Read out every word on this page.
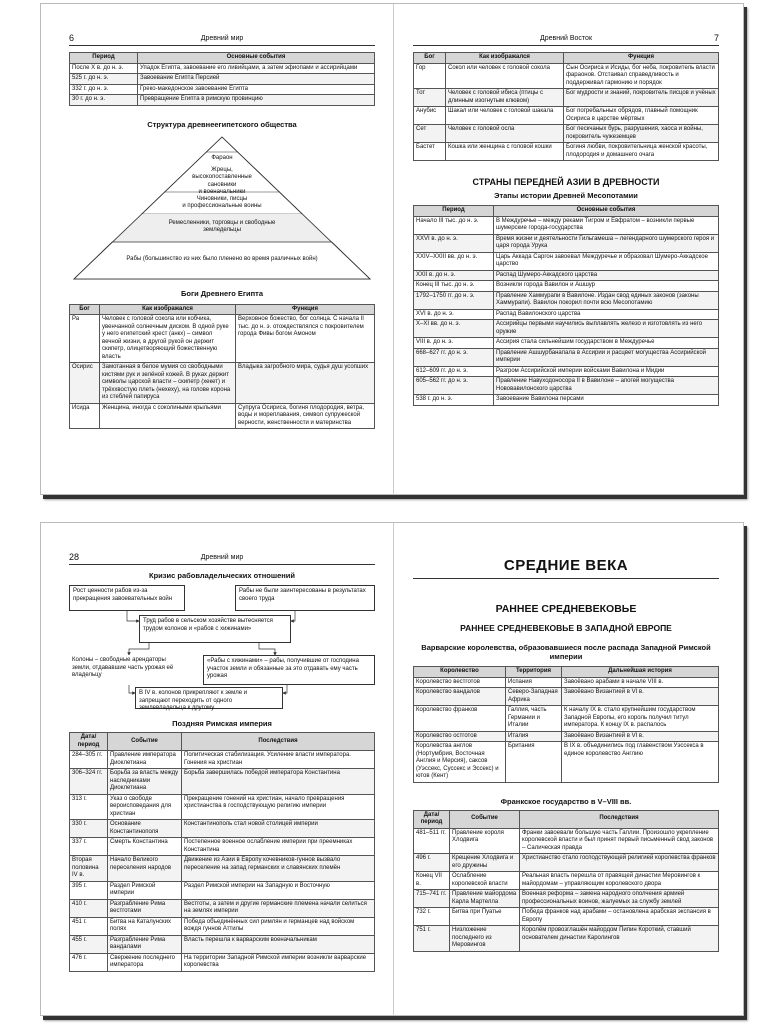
6	Древний мир
Период	Основные события
После X в. до н. э.	Упадок Египта, завоевание его ливийцами, а затем эфиопами и ассирийцами
525 г. до н. э.	Завоевание Египта Персией
332 г. до н. э.	Греко-македонское завоевание Египта
30 г. до н. э.	Превращение Египта в римскую провинцию
Структура древнеегипетского общества
Фараон
Жрецы,
высокопоставленные
сановники
и военачальники
Чиновники, писцы
и профессиональные воины
Ремесленники, торговцы и свободные
земледельцы
Рабы (большинство из них было пленено во время различных войн)
Боги Древнего Египта
Бог	Как изображался	Функция
Ра	Человек с головой сокола или кобчика, увенчанной солнечным диском. В одной руке у него египетский крест (анкх) – символ вечной жизни, в другой рукой он держит скипетр, олицетворяющий божественную власть	Верховное божество, бог солнца. С начала II тыс. до н. э. отождествлялся с покровителем города Фивы богом Амоном
Осирис	Замотанная в белое мумия со свободными кистями рук и зелёной кожей. В руках держит символы царской власти – скипетр (хекет) и трёххвостую плеть (нехеху), на голове корона из стеблей папируса	Владыка загробного мира, судья душ усопших
Исида	Женщина, иногда с соколиными крыльями	Супруга Осириса, богиня плодородия, ветра, воды и мореплавания, символ супружеской верности, женственности и материнства
Древний Восток	7
Бог	Как изображался	Функция
Гор	Сокол или человек с головой сокола	Сын Осириса и Исиды, бог неба, покровитель власти фараонов. Отстаивал справедливость и поддерживал гармонию и порядок
Тот	Человек с головой ибиса (птицы с длинным изогнутым клювом)	Бог мудрости и знаний, покровитель писцов и учёных
Анубис	Шакал или человек с головой шакала	Бог погребальных обрядов, главный помощник Осириса в царстве мёртвых
Сет	Человек с головой осла	Бог пескчаных бурь, разрушения, хаоса и войны, покровитель чужеземцев
Бастет	Кошка или женщина с головой кошки	Богиня любви, покровительница женской красоты, плодородия и домашнего очага
СТРАНЫ ПЕРЕДНЕЙ АЗИИ В ДРЕВНОСТИ
Этапы истории Древней Месопотамии
Период	Основные события
Начало III тыс. до н. э.	В Междуречье – между реками Тигром и Евфратом – возникли первые шумерские города-государства
XXVI в. до н. э.	Время жизни и деятельности Гильгамеша – легендарного шумерского героя и царя города Урука
XXIV–XXIII вв. до н. э.	Царь Аккада Саргон завоевал Междуречье и образовал Шумеро-Аккадское царство
XXII в. до н. э.	Распад Шумеро-Аккадского царства
Конец III тыс. до н. э.	Возникли города Вавилон и Ашшур
1792–1750 гг. до н. э.	Правление Хаммурапи в Вавилоне. Издан свод единых законов (законы Хаммурапи). Вавилон покорил почти всю Месопотамию
XVI в. до н. э.	Распад Вавилонского царства
X–XI вв. до н. э.	Ассирийцы первыми научились выплавлять железо и изготовлять из него оружие
VIII в. до н. э.	Ассирия стала сильнейшим государством в Междуречье
668–627 гг. до н. э.	Правление Ашшурбанапала в Ассирии и расцвет могущества Ассирийской империи
612–609 гг. до н. э.	Разгром Ассирийской империи войсками Вавилона и Мидии
605–562 гг. до н. э.	Правление Навуходоносора II в Вавилоне – апогей могущества Нововавилонского царства
538 г. до н. э.	Завоевание Вавилона персами
28	Древний мир
Кризис рабовладельческих отношений
Рост ценности рабов из-за прекращения завоевательных войн
Рабы не были заинтересованы в результатах своего труда
Труд рабов в сельском хозяйстве вытесняется трудом колонов и «рабов с хижинами»
Колоны – свободные арендаторы земли, отдававшие часть урожая её владельцу
«Рабы с хижинами» – рабы, получившие от господина участок земли и обязанные за это отдавать ему часть урожая
В IV в. колонов прикрепляют к земле и запрещают переходить от одного землевладельца к другому
Поздняя Римская империя
Дата/ период	Событие	Последствия
284–305 гг.	Правление императора Диоклетиана	Политическая стабилизация. Усиление власти императора. Гонения на христиан
306–324 гг.	Борьба за власть между наследниками Диоклетиана	Борьба завершилась победой императора Константина
313 г.	Указ о свободе вероисповедания для христиан	Прекращение гонений на христиан, начало превращения христианства в господствующую религию империи
330 г.	Основание Константинополя	Константинополь стал новой столицей империи
337 г.	Смерть Константина	Постепенное военное ослабление империи при преемниках Константина
Вторая половина IV в.	Начало Великого переселения народов	Движение из Азии в Европу кочевников-гуннов вызвало переселение на запад германских и славянских племён
395 г.	Раздел Римской империи	Раздел Римской империи на Западную и Восточную
410 г.	Разграбление Рима вестготами	Вестготы, а затем и другие германские племена начали селиться на землях империи
451 г.	Битва на Каталунских полях	Победа объединённых сил римлян и германцев над войском вождя гуннов Аттилы
455 г.	Разграбление Рима вандалами	Власть перешла к варварским военачальникам
476 г.	Свержение последнего императора	На территории Западной Римской империи возникли варварские королевства
СРЕДНИЕ ВЕКА
РАННЕЕ СРЕДНЕВЕКОВЬЕ
РАННЕЕ СРЕДНЕВЕКОВЬЕ В ЗАПАДНОЙ ЕВРОПЕ
Варварские королевства, образовавшиеся после распада Западной Римской империи
Королевство	Территория	Дальнейшая история
Королевство вестготов	Испания	Завоёвано арабами в начале VIII в.
Королевство вандалов	Северо-Западная Африка	Завоёвано Византией в VI в.
Королевство франков	Галлия, часть Германии и Италии	К началу IX в. стало крупнейшим государством Западной Европы, его король получил титул императора. К концу IX в. распалось
Королевство остготов	Италия	Завоёвано Византией в VI в.
Королевства англов (Нортумбрия, Восточная Англия и Мерсия), саксов (Уэссекс, Суссекс и Эссекс) и ютов (Кент)	Британия	В IX в. объединились под главенством Уэссекса в единое королевство Англию
Франкское государство в V–VIII вв.
Дата/ период	Событие	Последствия
481–511 гг.	Правление короля Хлодвига	Франки завоевали большую часть Галлии. Произошло укрепление королевской власти и был принят первый письменный свод законов – Салическая правда
496 г.	Крещение Хлодвига и его дружины	Христианство стало господствующей религией королевства франков
Конец VII в.	Ослабление королевской власти	Реальная власть перешла от правящей династии Меровингов к майордомам – управляющим королевского двора
715–741 гг.	Правление майордома Карла Мартелла	Военная реформа – замена народного ополчения армией профессиональных воинов, жалуемых за службу землей
732 г.	Битва при Пуатье	Победа франков над арабами – остановлена арабская экспансия в Европу
751 г.	Низложение последнего из Меровингов	Королём провозглашён майордом Пипин Короткий, ставший основателем династии Каролингов
